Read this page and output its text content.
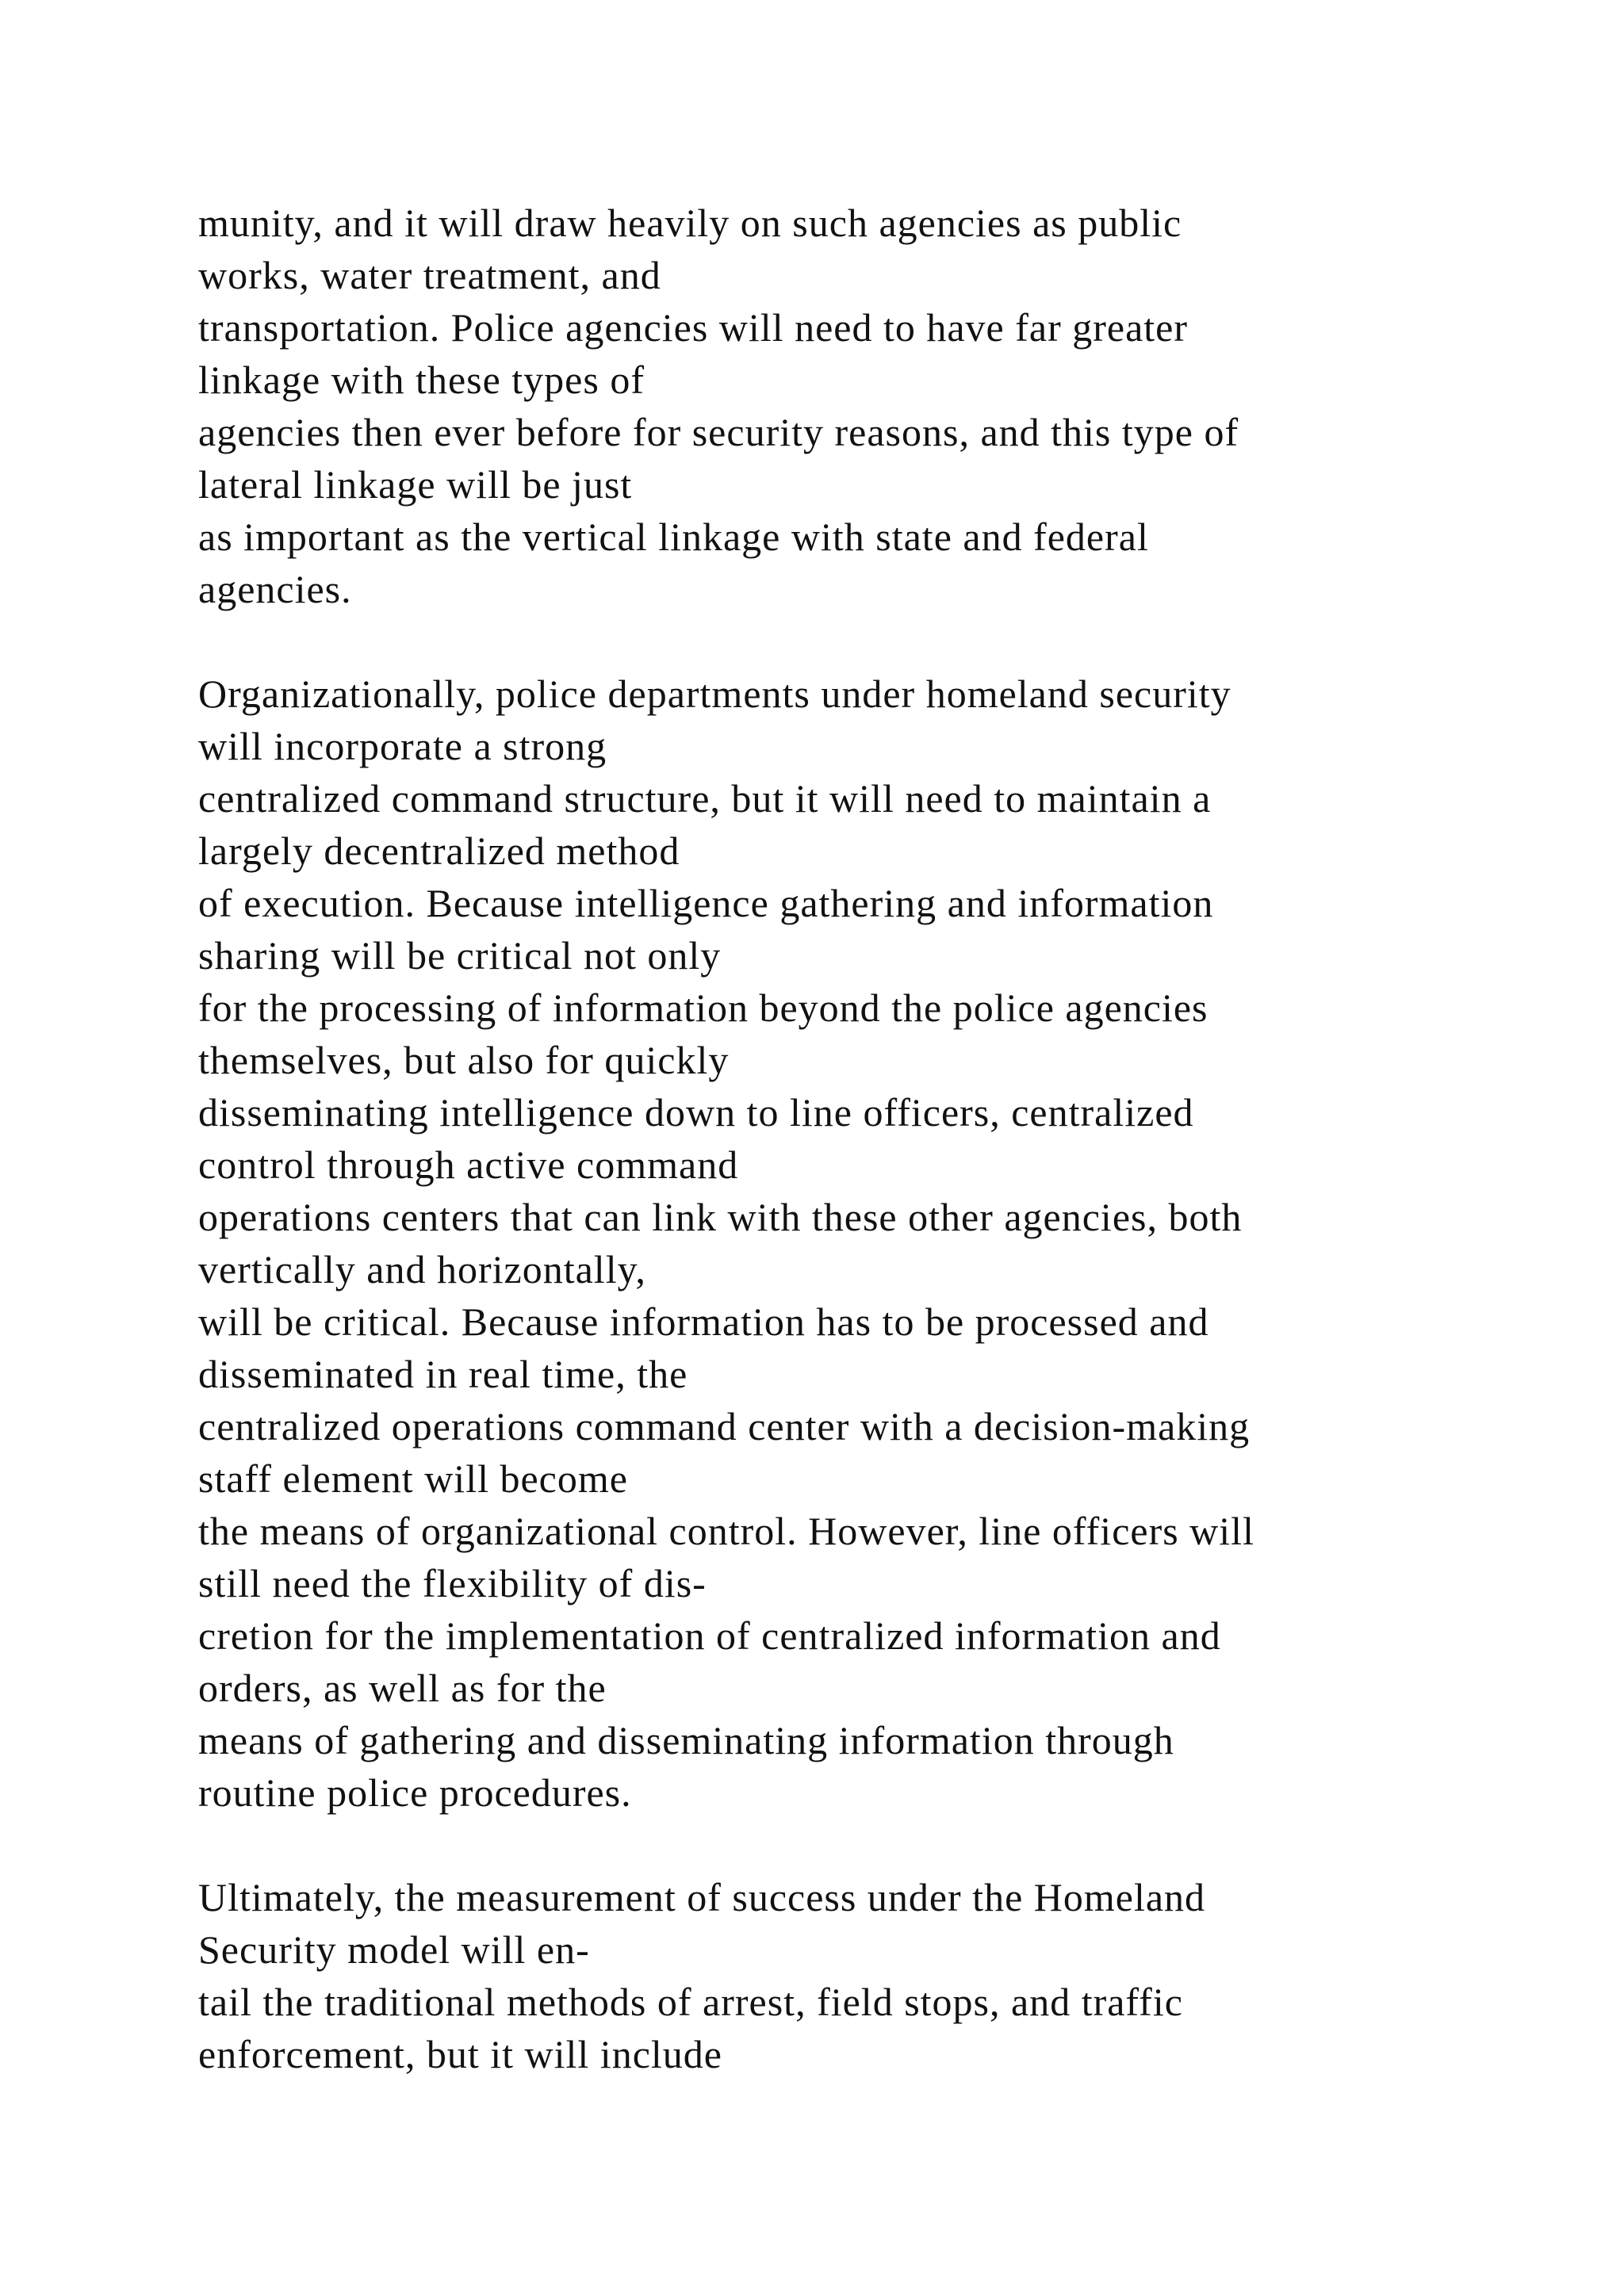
munity, and it will draw heavily on such agencies as public
works, water treatment, and
transportation. Police agencies will need to have far greater
linkage with these types of
agencies then ever before for security reasons, and this type of
lateral linkage will be just
as important as the vertical linkage with state and federal
agencies.
Organizationally, police departments under homeland security
will incorporate a strong
centralized command structure, but it will need to maintain a
largely decentralized method
of execution. Because intelligence gathering and information
sharing will be critical not only
for the processing of information beyond the police agencies
themselves, but also for quickly
disseminating intelligence down to line officers, centralized
control through active command
operations centers that can link with these other agencies, both
vertically and horizontally,
will be critical. Because information has to be processed and
disseminated in real time, the
centralized operations command center with a decision-making
staff element will become
the means of organizational control. However, line officers will
still need the flexibility of dis-
cretion for the implementation of centralized information and
orders, as well as for the
means of gathering and disseminating information through
routine police procedures.
Ultimately, the measurement of success under the Homeland
Security model will en-
tail the traditional methods of arrest, field stops, and traffic
enforcement, but it will include
